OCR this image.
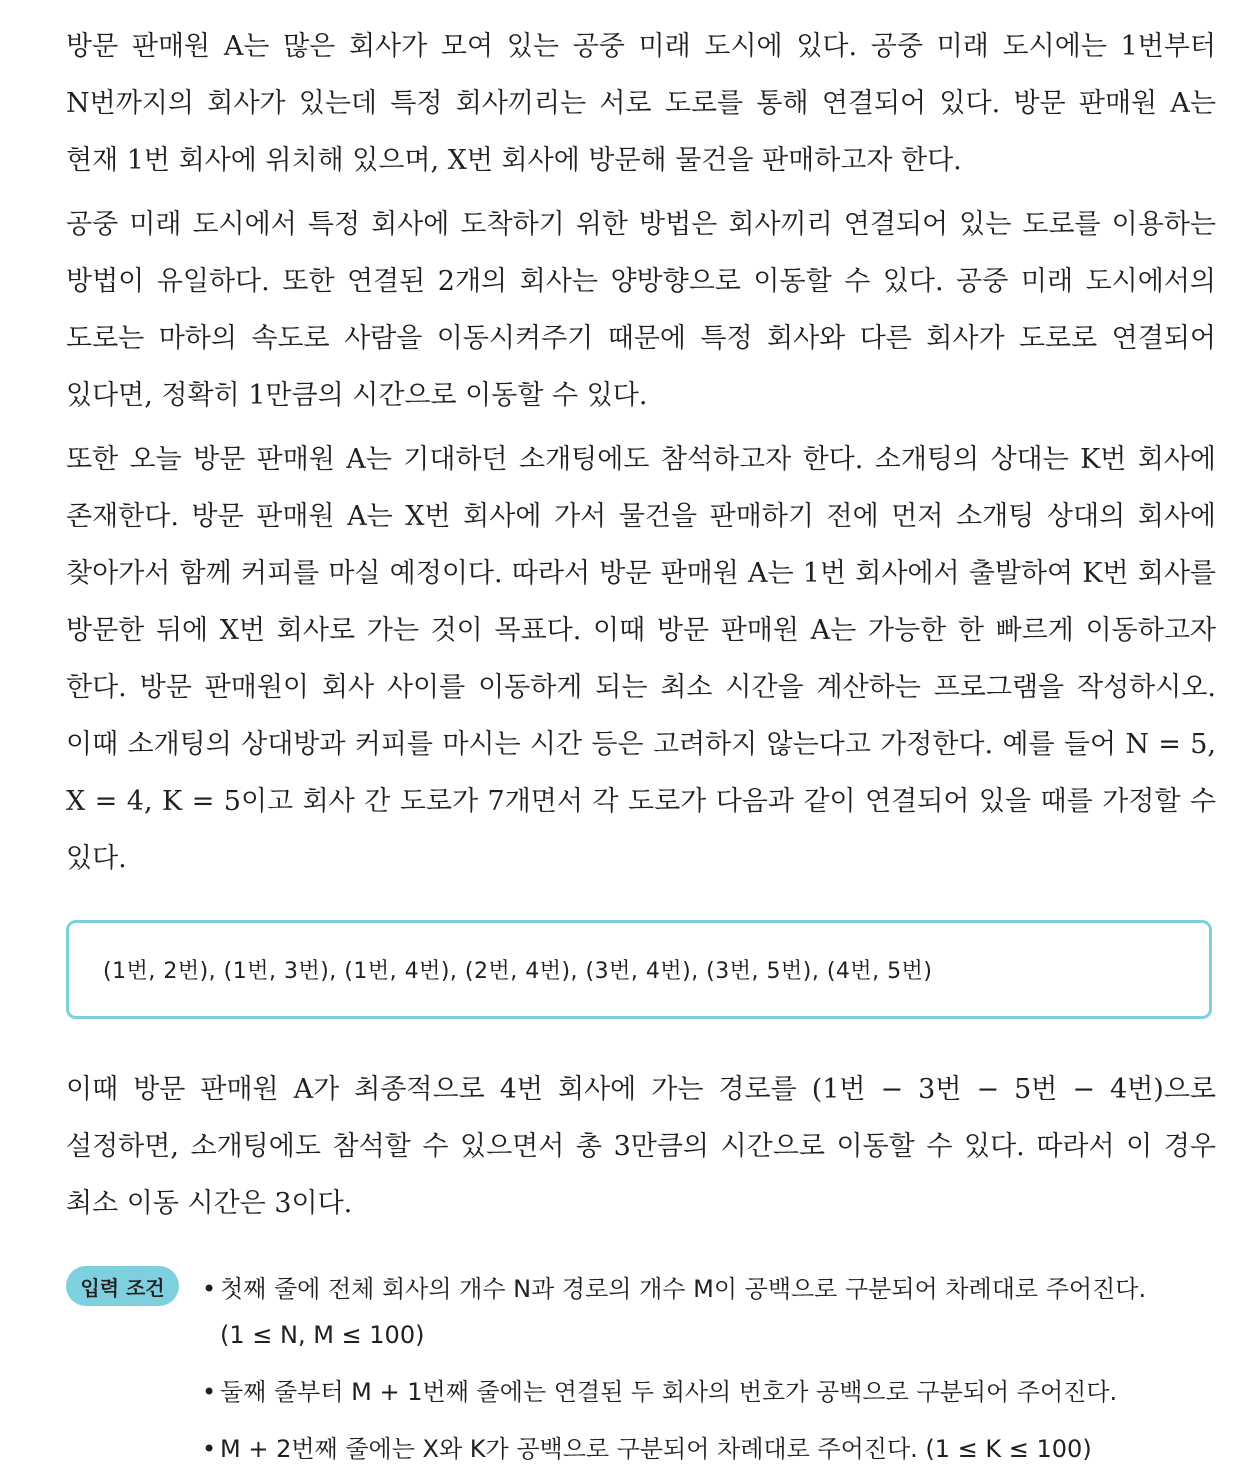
방문 판매원 A는 많은 회사가 모여 있는 공중 미래 도시에 있다. 공중 미래 도시에는 1번부터 N번까지의 회사가 있는데 특정 회사끼리는 서로 도로를 통해 연결되어 있다. 방문 판매원 A는 현재 1번 회사에 위치해 있으며, X번 회사에 방문해 물건을 판매하고자 한다.

공중 미래 도시에서 특정 회사에 도착하기 위한 방법은 회사끼리 연결되어 있는 도로를 이용하는 방법이 유일하다. 또한 연결된 2개의 회사는 양방향으로 이동할 수 있다. 공중 미래 도시에서의 도로는 마하의 속도로 사람을 이동시켜주기 때문에 특정 회사와 다른 회사가 도로로 연결되어 있다면, 정확히 1만큼의 시간으로 이동할 수 있다.

또한 오늘 방문 판매원 A는 기대하던 소개팅에도 참석하고자 한다. 소개팅의 상대는 K번 회사에 존재한다. 방문 판매원 A는 X번 회사에 가서 물건을 판매하기 전에 먼저 소개팅 상대의 회사에 찾아가서 함께 커피를 마실 예정이다. 따라서 방문 판매원 A는 1번 회사에서 출발하여 K번 회사를 방문한 뒤에 X번 회사로 가는 것이 목표다. 이때 방문 판매원 A는 가능한 한 빠르게 이동하고자 한다. 방문 판매원이 회사 사이를 이동하게 되는 최소 시간을 계산하는 프로그램을 작성하시오. 이때 소개팅의 상대방과 커피를 마시는 시간 등은 고려하지 않는다고 가정한다. 예를 들어 N = 5, X = 4, K = 5이고 회사 간 도로가 7개면서 각 도로가 다음과 같이 연결되어 있을 때를 가정할 수 있다.

(1번, 2번), (1번, 3번), (1번, 4번), (2번, 4번), (3번, 4번), (3번, 5번), (4번, 5번)

이때 방문 판매원 A가 최종적으로 4번 회사에 가는 경로를 (1번 − 3번 − 5번 − 4번)으로 설정하면, 소개팅에도 참석할 수 있으면서 총 3만큼의 시간으로 이동할 수 있다. 따라서 이 경우 최소 이동 시간은 3이다.

입력 조건	• 첫째 줄에 전체 회사의 개수 N과 경로의 개수 M이 공백으로 구분되어 차례대로 주어진다.
(1 ≤ N, M ≤ 100)
• 둘째 줄부터 M + 1번째 줄에는 연결된 두 회사의 번호가 공백으로 구분되어 주어진다.
• M + 2번째 줄에는 X와 K가 공백으로 구분되어 차례대로 주어진다. (1 ≤ K ≤ 100)
